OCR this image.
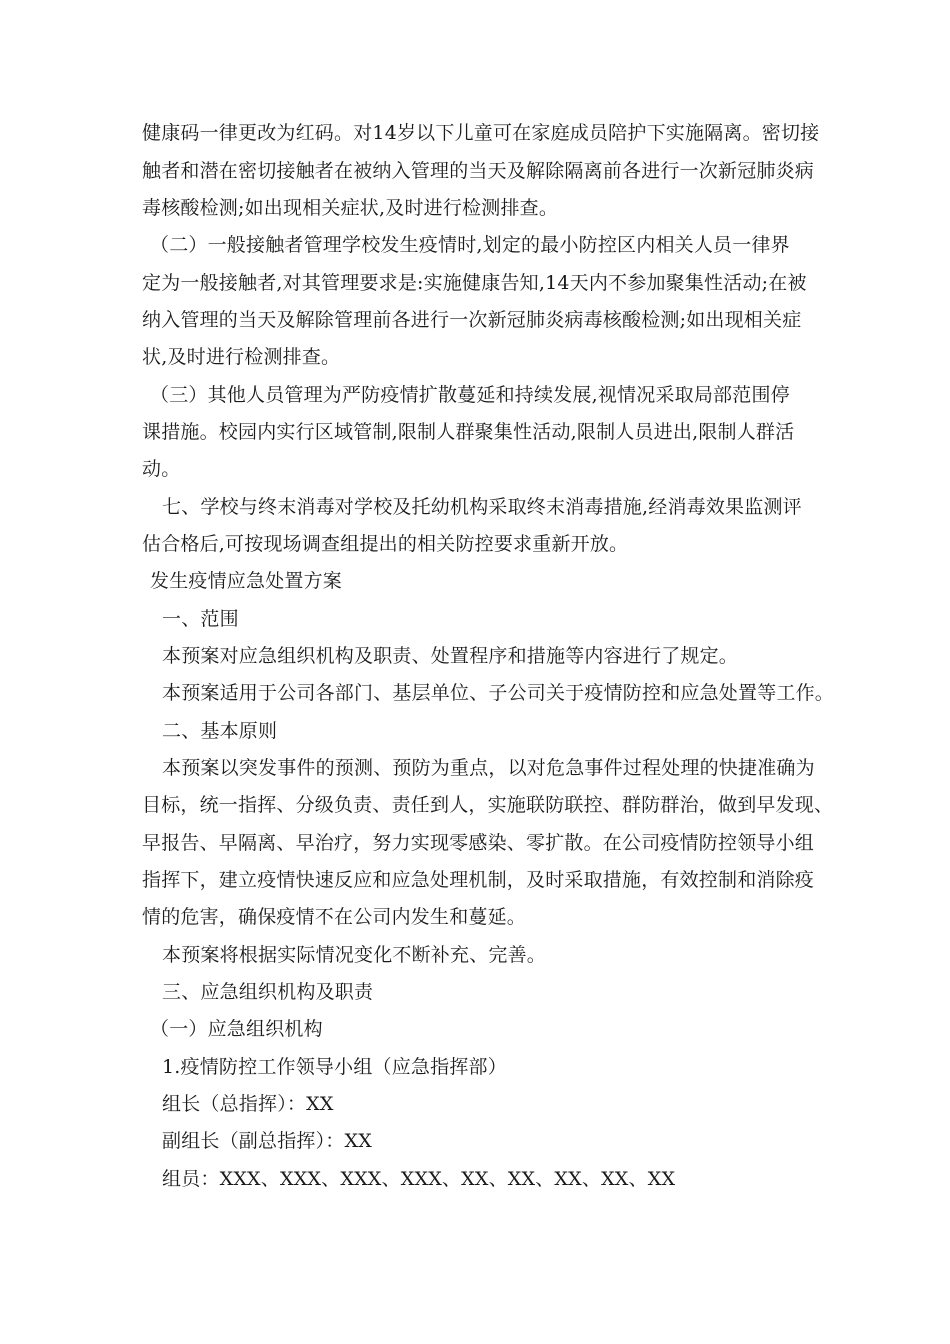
健康码一律更改为红码。对14岁以下儿童可在家庭成员陪护下实施隔离。密切接
触者和潜在密切接触者在被纳入管理的当天及解除隔离前各进行一次新冠肺炎病
毒核酸检测;如出现相关症状,及时进行检测排查。
（二）一般接触者管理学校发生疫情时,划定的最小防控区内相关人员一律界
定为一般接触者,对其管理要求是:实施健康告知,14天内不参加聚集性活动;在被
纳入管理的当天及解除管理前各进行一次新冠肺炎病毒核酸检测;如出现相关症
状,及时进行检测排查。
（三）其他人员管理为严防疫情扩散蔓延和持续发展,视情况采取局部范围停
课措施。校园内实行区域管制,限制人群聚集性活动,限制人员进出,限制人群活
动。
七、学校与终末消毒对学校及托幼机构采取终末消毒措施,经消毒效果监测评
估合格后,可按现场调查组提出的相关防控要求重新开放。
发生疫情应急处置方案
一、范围
本预案对应急组织机构及职责、处置程序和措施等内容进行了规定。
本预案适用于公司各部门、基层单位、子公司关于疫情防控和应急处置等工作。
二、基本原则
本预案以突发事件的预测、预防为重点，以对危急事件过程处理的快捷准确为
目标，统一指挥、分级负责、责任到人，实施联防联控、群防群治，做到早发现、
早报告、早隔离、早治疗，努力实现零感染、零扩散。在公司疫情防控领导小组
指挥下，建立疫情快速反应和应急处理机制，及时采取措施，有效控制和消除疫
情的危害，确保疫情不在公司内发生和蔓延。
本预案将根据实际情况变化不断补充、完善。
三、应急组织机构及职责
（一）应急组织机构
1.疫情防控工作领导小组（应急指挥部）
组长（总指挥）：XX
副组长（副总指挥）：XX
组员：XXX、XXX、XXX、XXX、XX、XX、XX、XX、XX
